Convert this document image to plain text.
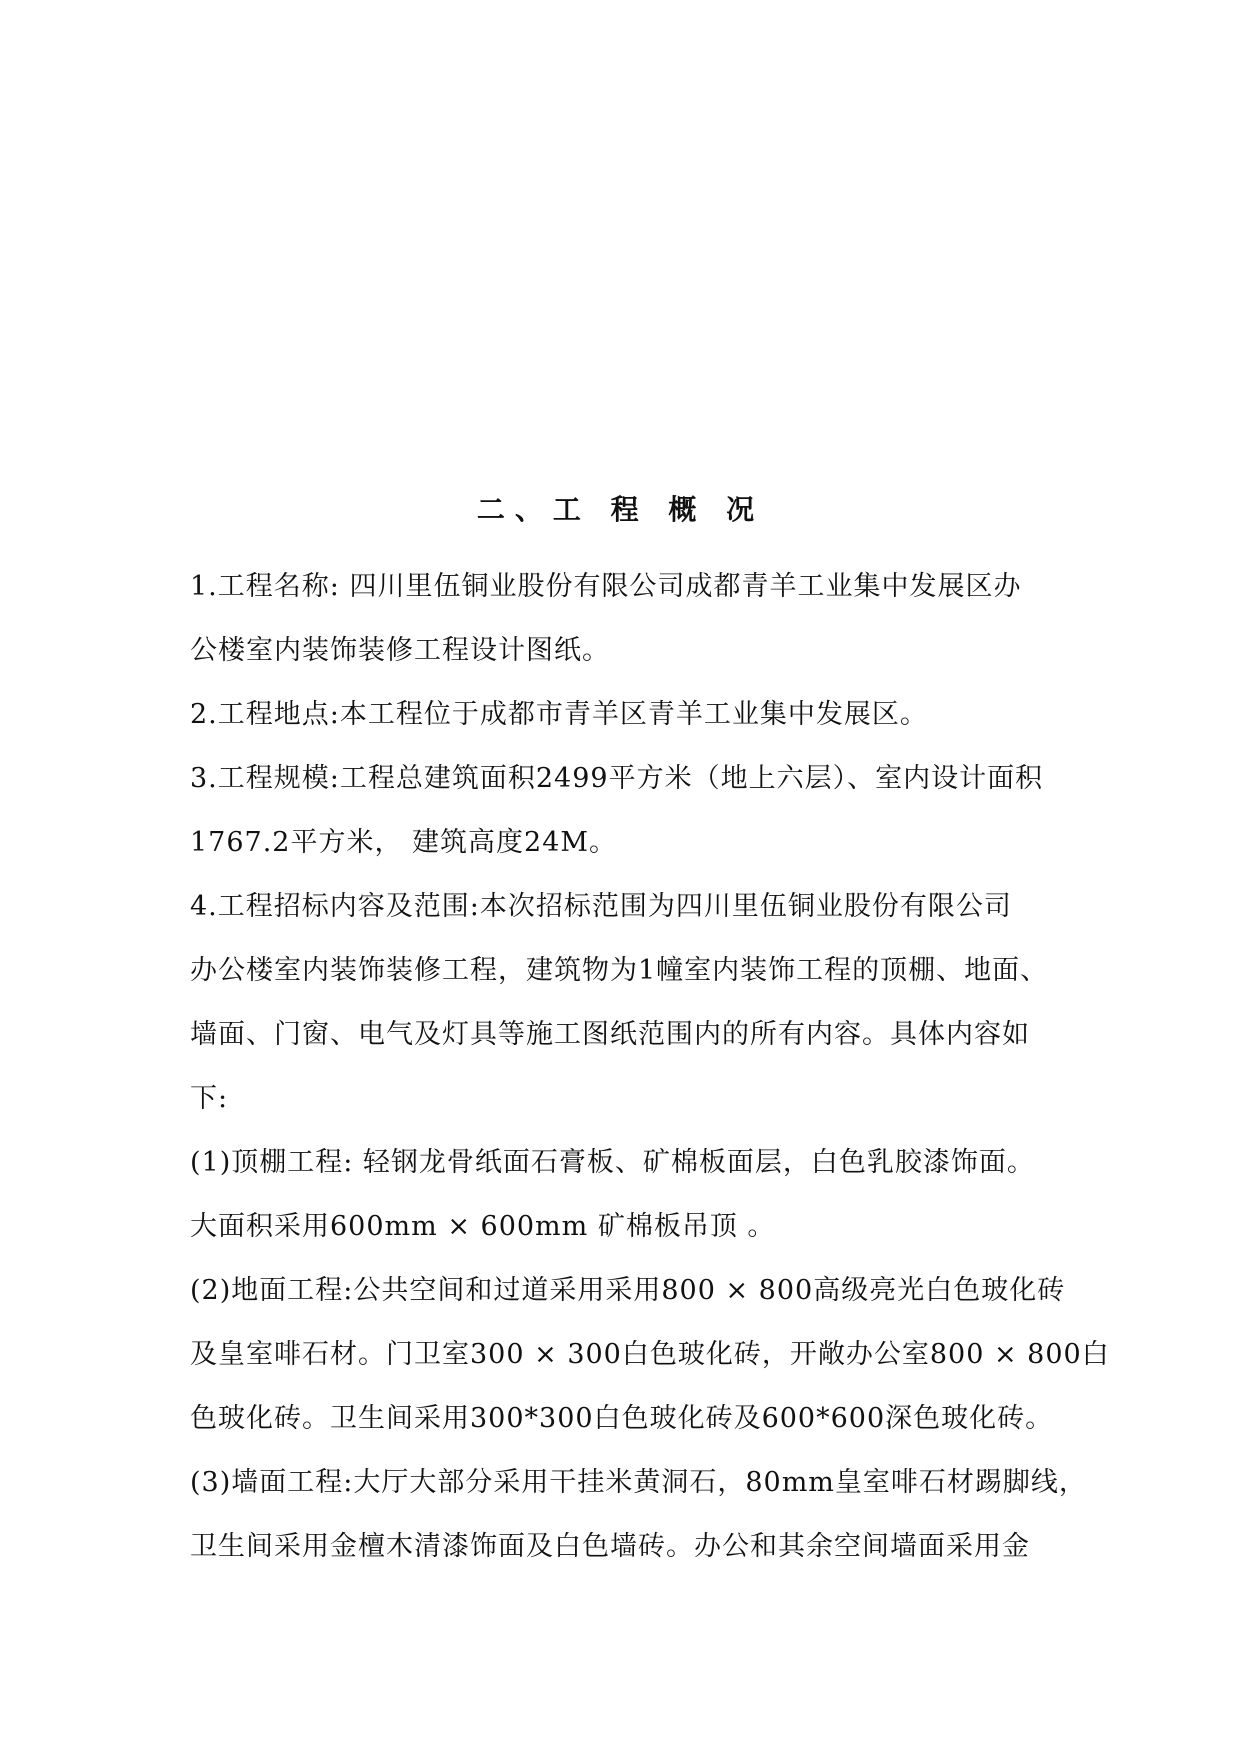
二、工 程 概 况
1.工程名称: 四川里伍铜业股份有限公司成都青羊工业集中发展区办
公楼室内装饰装修工程设计图纸。
2.工程地点:本工程位于成都市青羊区青羊工业集中发展区。
3.工程规模:工程总建筑面积2499平方米（地上六层）、室内设计面积
1767.2平方米， 建筑高度24M。
4.工程招标内容及范围:本次招标范围为四川里伍铜业股份有限公司
办公楼室内装饰装修工程，建筑物为1幢室内装饰工程的顶棚、地面、
墙面、门窗、电气及灯具等施工图纸范围内的所有内容。具体内容如
下:
(1)顶棚工程: 轻钢龙骨纸面石膏板、矿棉板面层，白色乳胶漆饰面。
大面积采用600mm × 600mm 矿棉板吊顶 。
(2)地面工程:公共空间和过道采用采用800 × 800高级亮光白色玻化砖
及皇室啡石材。门卫室300 × 300白色玻化砖，开敞办公室800 × 800白
色玻化砖。卫生间采用300*300白色玻化砖及600*600深色玻化砖。
(3)墙面工程:大厅大部分采用干挂米黄洞石，80mm皇室啡石材踢脚线，
卫生间采用金檀木清漆饰面及白色墙砖。办公和其余空间墙面采用金
